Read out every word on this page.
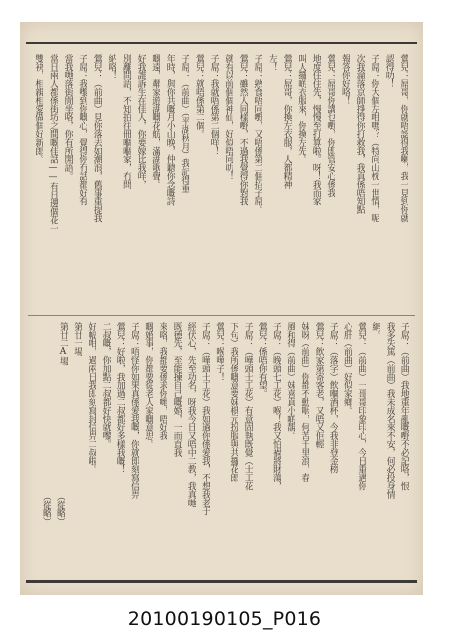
鶯兒：屌哥，你就唔認得我喇，我一見到你就
認得叻！
子屌：你大個左咁嗎？（特向山枕一世情，呢
次我淪落京師掙得你打救我，我真係唔知點
報答你好咯！
鶯兒：屌哥你講乜嘢，你即管安心係我
地度住住先，慢慢至打算啦。呀！我而家
叫人攞啲衣服來，你換左先。
鶯兒：屌哥，你換左衣服，人都精神
左！
子屌：熟食唔同嘢，又唔係第二個招子屌。
鶯兒：雖然人同樣嘢，不過我覺得你對我
就有以前個個神仙，好似唔同叻！
子屌：我就唔係第二個咩！
鶯兒：就唔係第二個。
子屌：（前曲）（平湖秋月）我記得重
年時，與你共嘅月小山晚，仲聽你念嘅詩
嘅遠，鄰家遊湖嘅花舫，滿湖歌聲。
好我誰訴生在佳人，你要嫁比我咩，
別離問語，不知拍往冊嗰嗰家，冇問
納咯！
鶯兒：（前曲）見你落去如潮浪，舊事重提我
子屌：我嚟到你嘅心，覺得你冇話都好有
當我哋落街閒坐咯，你有所開語。
當日兩人都係街坊之間嘅佳話——有日邊個花一
雙袂，相親相愛做個好新郎。
子屌：（前曲）我地重年亂嘅嘢不必記咯，恨
我多失篤（前曲）我未成名來不安，何必投身情
網。
鶯兒：（前曲）一哥哥印象印心，今日重遇你
心肝（前曲）好似家鄉。
子屌：（落字）飲嗰酒杯，今我非登金榜
鶯兒：飲家第寄客老，又唔又佢輕
妹呀（前曲）你都不動咽，何苦千里浪，春
風和得（前曲）妹喜真小啲靚。
子屌：（晚頭七工花）喉！我又怕禍將財蕩，
鶯兒：係唔你有望。
子屌：（嘩頭士工花）有意固執既覺（士工花
下句）我所係嘅意要妹棋元扮服與共攞花郎
鶯兒：喉嘩子！
子屌：（嘩頭士工花）我如過你係愛我，不想我老于
經伏心，先至功名，呀我今日又唔中二教，我真哋
既德先，至能揀自己嘅婚，一而直我
來咯，我都要係求你哋，唔好我
嘅婚事，你都要從老人家嘅意思。
子屌：唔怪你如果真係愛我嘅，你就即刻寫信畀
鶯兒：好啦，我加過二叔都好多樣我嘅！
二叔嘅，你加點二叔都好快就嚟。
好幅咁，過兩日我即刻寫封信畀二叔啦。
第廿一場
第廿二A場
（從略）
（從略）
20100190105_P016
